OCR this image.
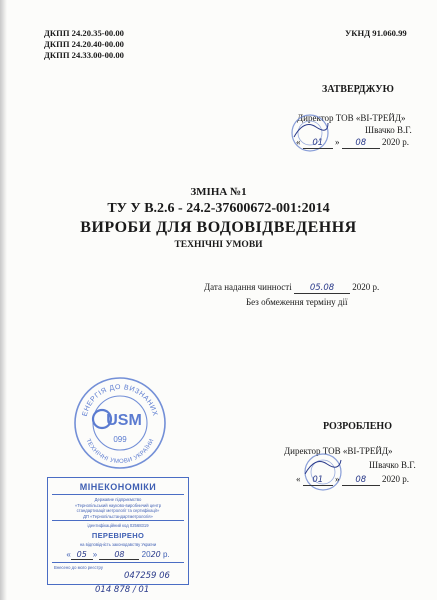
ДКПП 24.20.35-00.00
ДКПП 24.20.40-00.00
ДКПП 24.33.00-00.00
УКНД 91.060.99
ЗАТВЕРДЖУЮ
Директор ТОВ «ВІ-ТРЕЙД»
Швачко В.Г.
« 01 » 08 2020 р.
ЗМІНА №1
ТУ У В.2.6 - 24.2-37600672-001:2014
ВИРОБИ ДЛЯ ВОДОВІДВЕДЕННЯ
ТЕХНІЧНІ УМОВИ
Дата надання чинності 05.08 2020 р.
Без обмеження терміну дії
ЕНЕРГІЯ ДО ВИЗНАНИХ
ТЕХНІЧНІ УМОВИ УКРАЇНИ
USM
099
РОЗРОБЛЕНО
Директор ТОВ «ВІ-ТРЕЙД»
Швачко В.Г.
« 01 » 08 2020 р.
МІНЕКОНОМІКИ
Державне підприємство
«Тернопільський науково-виробничий центр
стандартизації метрології та сертифікації»
ДП «Тернопільстандартметрологія»
ідентифікаційний код 02568319
ПЕРЕВІРЕНО
на відповідність законодавству України
« 05 » 08 2020 р.
Внесено до мого реєстру
047259 06
014 878 / 01
